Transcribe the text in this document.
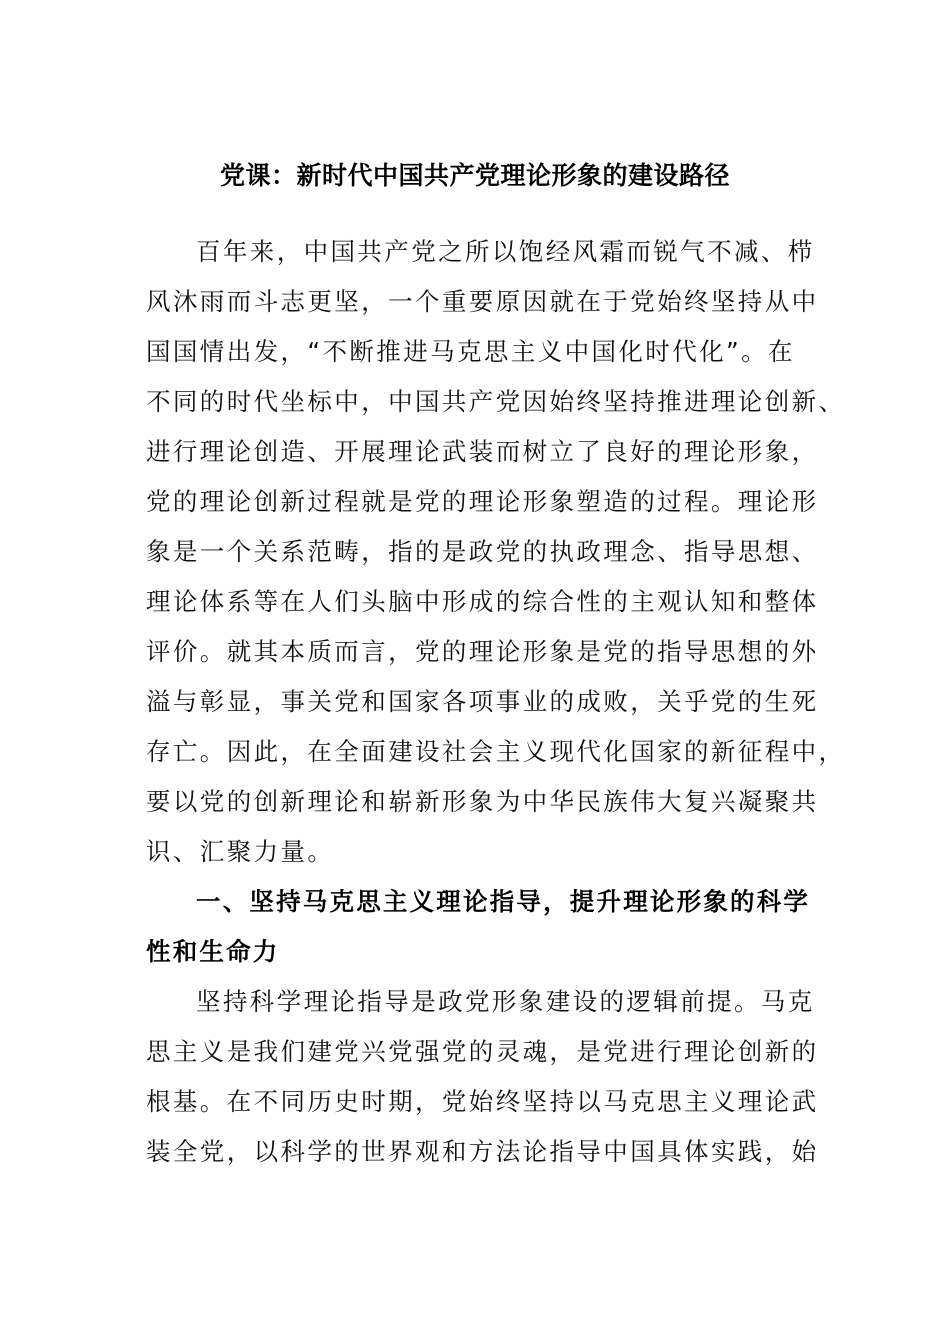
党课：新时代中国共产党理论形象的建设路径
百年来，中国共产党之所以饱经风霜而锐气不减、栉
风沐雨而斗志更坚，一个重要原因就在于党始终坚持从中
国国情出发，“不断推进马克思主义中国化时代化”。在
不同的时代坐标中，中国共产党因始终坚持推进理论创新、
进行理论创造、开展理论武装而树立了良好的理论形象，
党的理论创新过程就是党的理论形象塑造的过程。理论形
象是一个关系范畴，指的是政党的执政理念、指导思想、
理论体系等在人们头脑中形成的综合性的主观认知和整体
评价。就其本质而言，党的理论形象是党的指导思想的外
溢与彰显，事关党和国家各项事业的成败，关乎党的生死
存亡。因此，在全面建设社会主义现代化国家的新征程中，
要以党的创新理论和崭新形象为中华民族伟大复兴凝聚共
识、汇聚力量。
一、坚持马克思主义理论指导，提升理论形象的科学
性和生命力
坚持科学理论指导是政党形象建设的逻辑前提。马克
思主义是我们建党兴党强党的灵魂，是党进行理论创新的
根基。在不同历史时期，党始终坚持以马克思主义理论武
装全党，以科学的世界观和方法论指导中国具体实践，始
